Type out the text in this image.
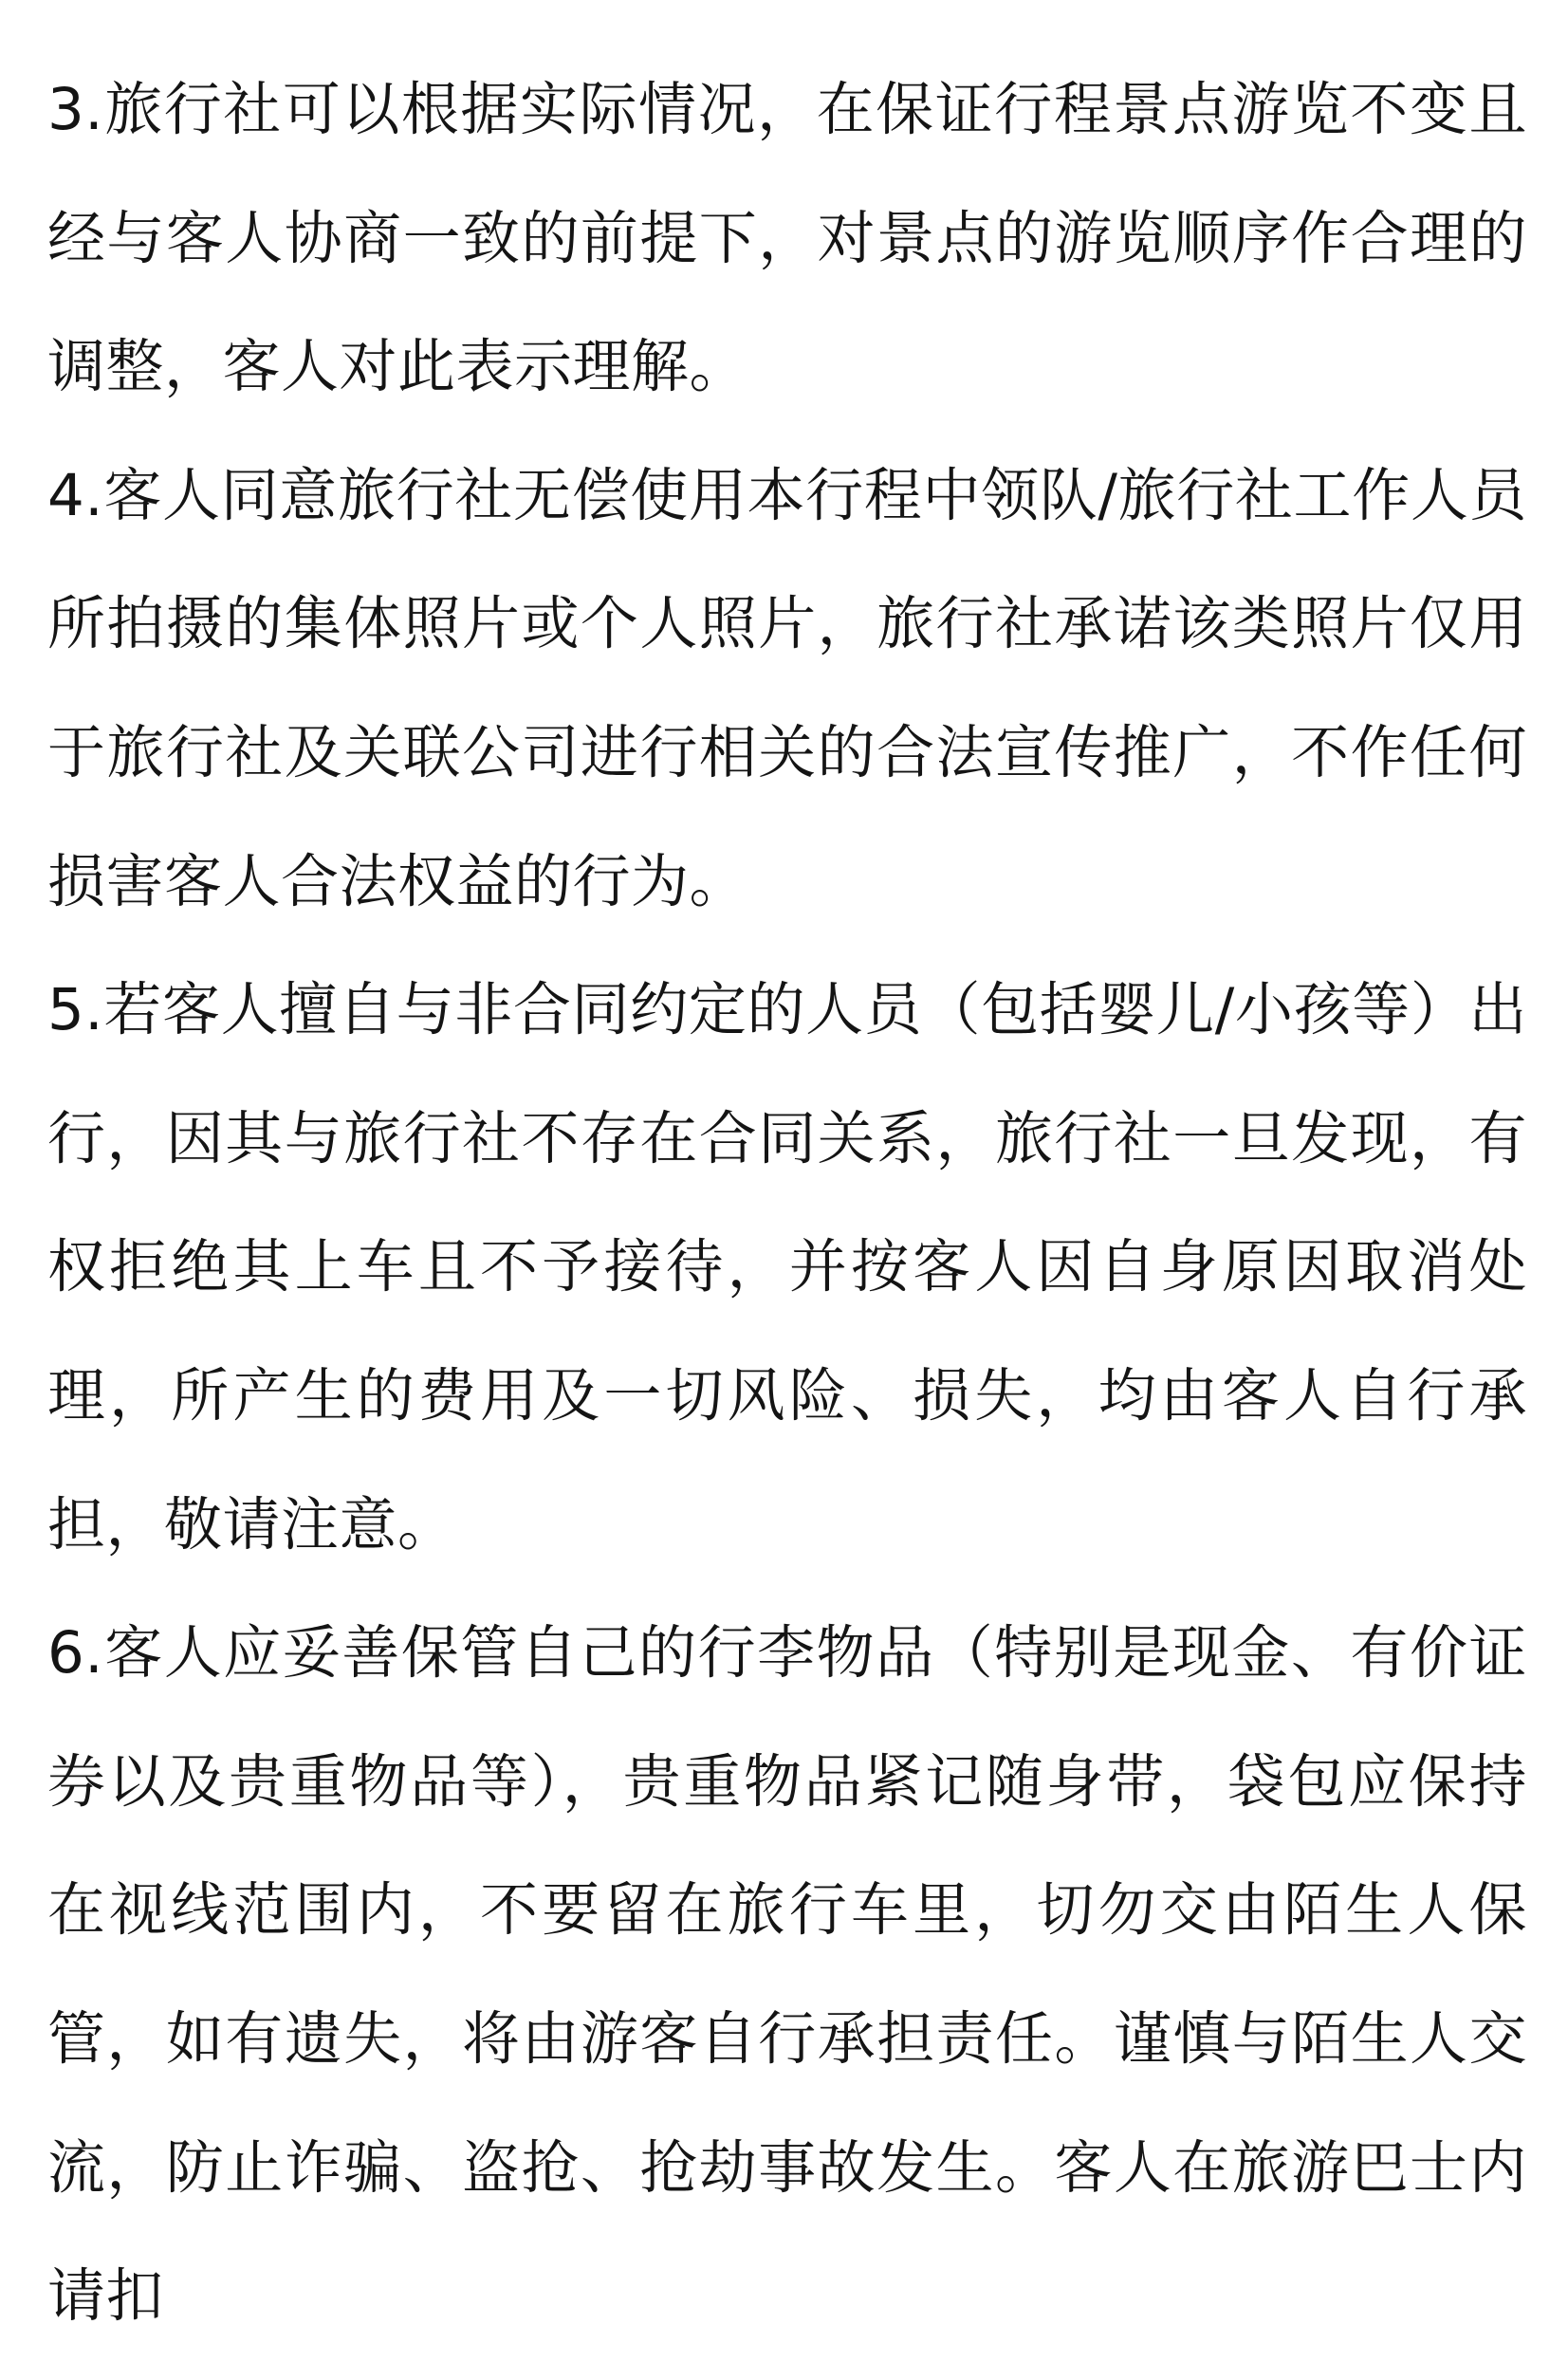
3.旅行社可以根据实际情况，在保证行程景点游览不变且经与客人协商一致的前提下，对景点的游览顺序作合理的调整，客人对此表示理解。

4.客人同意旅行社无偿使用本行程中领队/旅行社工作人员所拍摄的集体照片或个人照片，旅行社承诺该类照片仅用于旅行社及关联公司进行相关的合法宣传推广，不作任何损害客人合法权益的行为。

5.若客人擅自与非合同约定的人员（包括婴儿/小孩等）出行，因其与旅行社不存在合同关系，旅行社一旦发现，有权拒绝其上车且不予接待，并按客人因自身原因取消处理，所产生的费用及一切风险、损失，均由客人自行承担，敬请注意。

6.客人应妥善保管自己的行李物品（特别是现金、有价证券以及贵重物品等），贵重物品紧记随身带，袋包应保持在视线范围内，不要留在旅行车里，切勿交由陌生人保管，如有遗失，将由游客自行承担责任。谨慎与陌生人交流，防止诈骗、盗抢、抢劫事故发生。客人在旅游巴士内请扣
